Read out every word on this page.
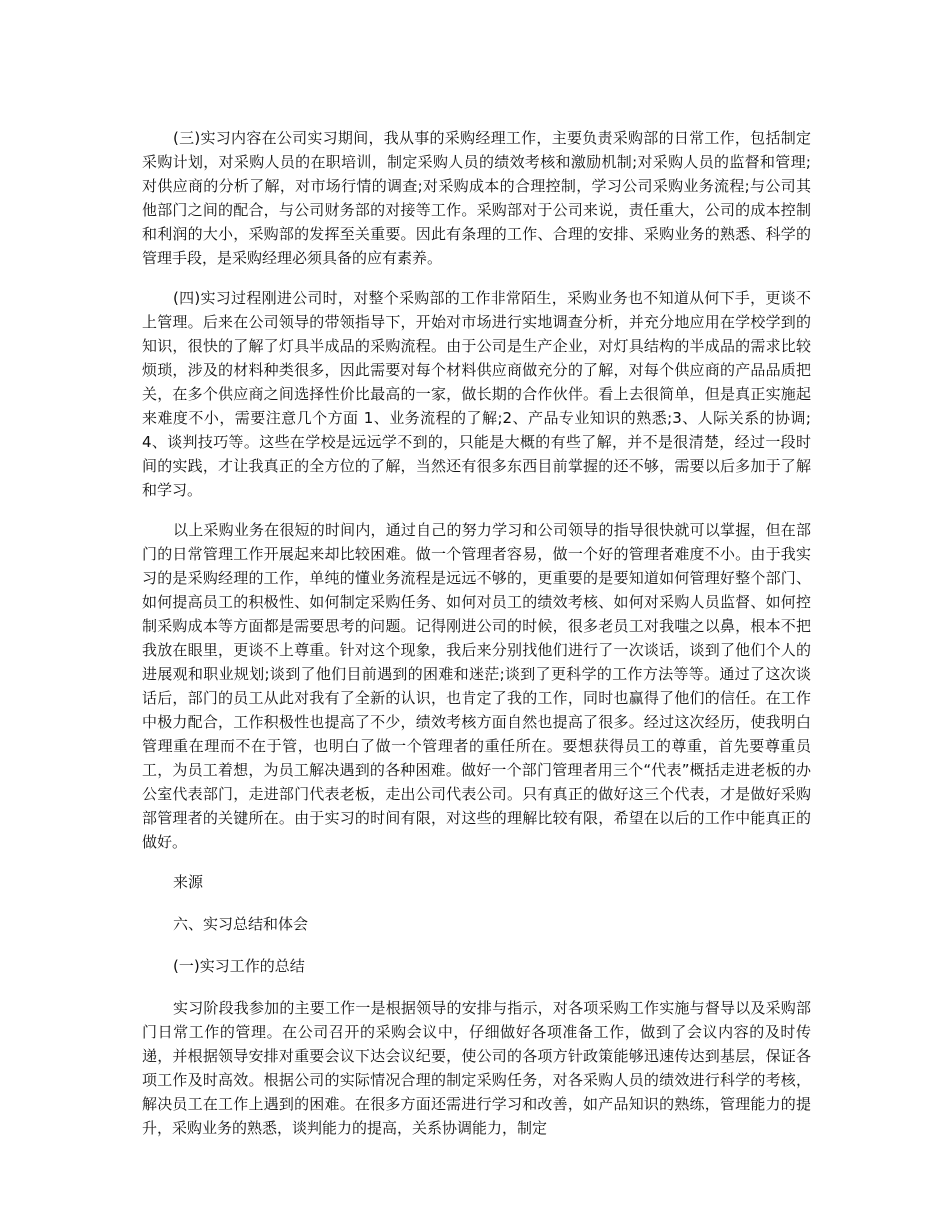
(三)实习内容在公司实习期间，我从事的采购经理工作，主要负责采购部的日常工作，包括制定采购计划，对采购人员的在职培训，制定采购人员的绩效考核和激励机制;对采购人员的监督和管理;对供应商的分析了解，对市场行情的调查;对采购成本的合理控制，学习公司采购业务流程;与公司其他部门之间的配合，与公司财务部的对接等工作。采购部对于公司来说，责任重大，公司的成本控制和利润的大小，采购部的发挥至关重要。因此有条理的工作、合理的安排、采购业务的熟悉、科学的管理手段，是采购经理必须具备的应有素养。

(四)实习过程刚进公司时，对整个采购部的工作非常陌生，采购业务也不知道从何下手，更谈不上管理。后来在公司领导的带领指导下，开始对市场进行实地调查分析，并充分地应用在学校学到的知识，很快的了解了灯具半成品的采购流程。由于公司是生产企业，对灯具结构的半成品的需求比较烦琐，涉及的材料种类很多，因此需要对每个材料供应商做充分的了解，对每个供应商的产品品质把关，在多个供应商之间选择性价比最高的一家，做长期的合作伙伴。看上去很简单，但是真正实施起来难度不小，需要注意几个方面 1、业务流程的了解;2、产品专业知识的熟悉;3、人际关系的协调;4、谈判技巧等。这些在学校是远远学不到的，只能是大概的有些了解，并不是很清楚，经过一段时间的实践，才让我真正的全方位的了解，当然还有很多东西目前掌握的还不够，需要以后多加于了解和学习。

以上采购业务在很短的时间内，通过自己的努力学习和公司领导的指导很快就可以掌握，但在部门的日常管理工作开展起来却比较困难。做一个管理者容易，做一个好的管理者难度不小。由于我实习的是采购经理的工作，单纯的懂业务流程是远远不够的，更重要的是要知道如何管理好整个部门、如何提高员工的积极性、如何制定采购任务、如何对员工的绩效考核、如何对采购人员监督、如何控制采购成本等方面都是需要思考的问题。记得刚进公司的时候，很多老员工对我嗤之以鼻，根本不把我放在眼里，更谈不上尊重。针对这个现象，我后来分别找他们进行了一次谈话，谈到了他们个人的进展观和职业规划;谈到了他们目前遇到的困难和迷茫;谈到了更科学的工作方法等等。通过了这次谈话后，部门的员工从此对我有了全新的认识，也肯定了我的工作，同时也赢得了他们的信任。在工作中极力配合，工作积极性也提高了不少，绩效考核方面自然也提高了很多。经过这次经历，使我明白管理重在理而不在于管，也明白了做一个管理者的重任所在。要想获得员工的尊重，首先要尊重员工，为员工着想，为员工解决遇到的各种困难。做好一个部门管理者用三个“代表”概括走进老板的办公室代表部门，走进部门代表老板，走出公司代表公司。只有真正的做好这三个代表，才是做好采购部管理者的关键所在。由于实习的时间有限，对这些的理解比较有限，希望在以后的工作中能真正的做好。

来源

六、实习总结和体会

(一)实习工作的总结

实习阶段我参加的主要工作一是根据领导的安排与指示，对各项采购工作实施与督导以及采购部门日常工作的管理。在公司召开的采购会议中，仔细做好各项准备工作，做到了会议内容的及时传递，并根据领导安排对重要会议下达会议纪要，使公司的各项方针政策能够迅速传达到基层，保证各项工作及时高效。根据公司的实际情况合理的制定采购任务，对各采购人员的绩效进行科学的考核，解决员工在工作上遇到的困难。在很多方面还需进行学习和改善，如产品知识的熟练，管理能力的提升，采购业务的熟悉，谈判能力的提高，关系协调能力，制定
